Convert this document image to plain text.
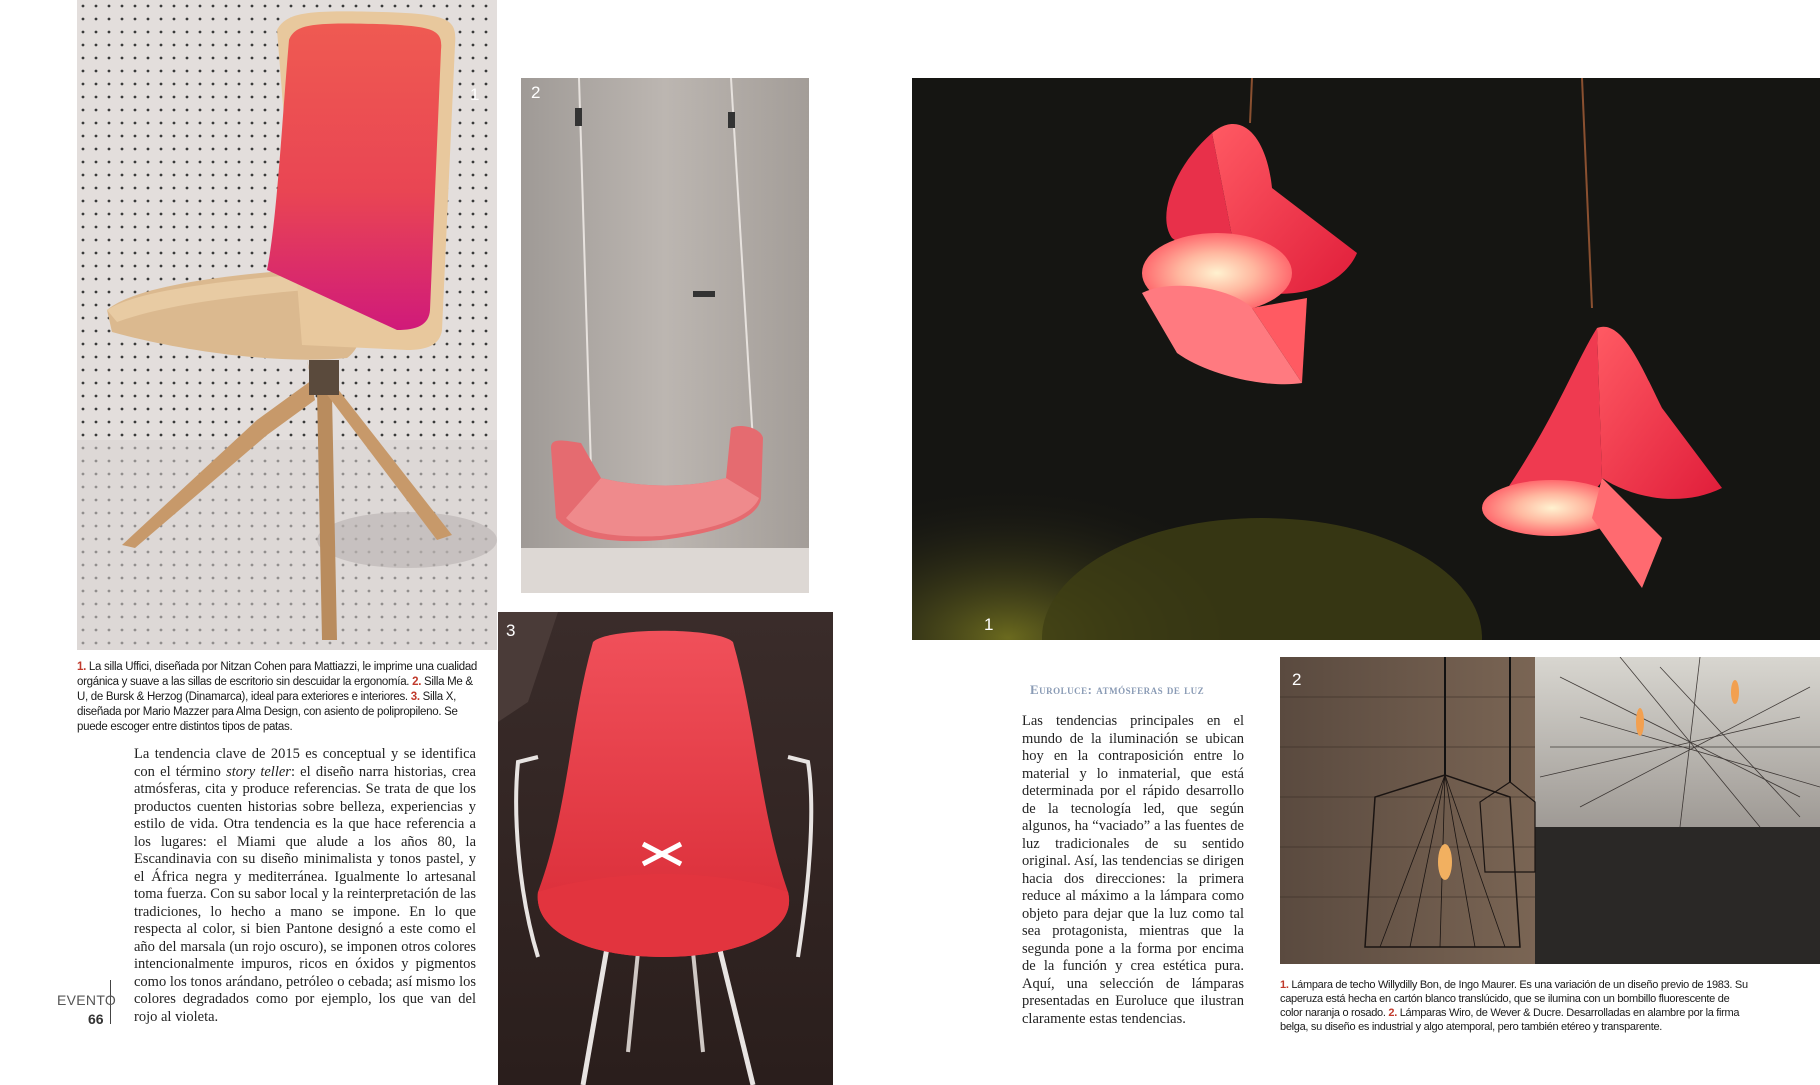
1	2
3	1
2
1. La silla Uffici, diseñada por Nitzan Cohen para Mattiazzi, le imprime una cualidad orgánica y suave a las sillas de escritorio sin descuidar la ergonomía. 2. Silla Me & U, de Bursk & Herzog (Dinamarca), ideal para exteriores e interiores. 3. Silla X, diseñada por Mario Mazzer para Alma Design, con asiento de polipropileno. Se puede escoger entre distintos tipos de patas.
La tendencia clave de 2015 es conceptual y se identifica con el término story teller: el diseño narra historias, crea atmósferas, cita y produce referencias. Se trata de que los productos cuenten historias sobre belleza, experiencias y estilo de vida. Otra tendencia es la que hace referencia a los lugares: el Miami que alude a los años 80, la Escandinavia con su diseño minimalista y tonos pastel, y el África negra y mediterránea. Igualmente lo artesanal toma fuerza. Con su sabor local y la reinterpretación de las tradiciones, lo hecho a mano se impone. En lo que respecta al color, si bien Pantone designó a este como el año del marsala (un rojo oscuro), se imponen otros colores intencionalmente impuros, ricos en óxidos y pigmentos como los tonos arándano, petróleo o cebada; así mismo los colores degradados como por ejemplo, los que van del rojo al violeta.
EVENTO
66
Euroluce: atmósferas de luz
Las tendencias principales en el mundo de la iluminación se ubican hoy en la contraposición entre lo material y lo inmaterial, que está determinada por el rápido desarrollo de la tecnología led, que según algunos, ha “vaciado” a las fuentes de luz tradicionales de su sentido original. Así, las tendencias se dirigen hacia dos direcciones: la primera reduce al máximo a la lámpara como objeto para dejar que la luz como tal sea protagonista, mientras que la segunda pone a la forma por encima de la función y crea estética pura. Aquí, una selección de lámparas presentadas en Euroluce que ilustran claramente estas tendencias.
1. Lámpara de techo Willydilly Bon, de Ingo Maurer. Es una variación de un diseño previo de 1983. Su caperuza está hecha en cartón blanco translúcido, que se ilumina con un bombillo fluorescente de color naranja o rosado. 2. Lámparas Wiro, de Wever & Ducre. Desarrolladas en alambre por la firma belga, su diseño es industrial y algo atemporal, pero también etéreo y transparente.
